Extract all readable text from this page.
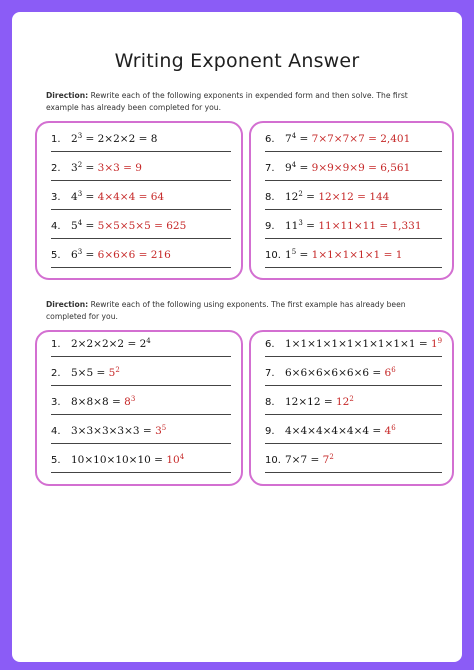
Writing Exponent Answer
Direction: Rewrite each of the following exponents in expended form and then solve. The first example has already been completed for you.
1. $2^3 = 2\times 2\times 2 = 8$
2. $3^2 = 3\times 3 = 9$
3. $4^3 = 4\times 4\times 4 = 64$
4. $5^4 = 5\times 5\times 5\times 5 = 625$
5. $6^3 = 6\times 6\times 6 = 216$
6. $7^4 = 7\times 7\times 7\times 7 = 2,401$
7. $9^4 = 9\times 9\times 9\times 9 = 6,561$
8. $12^2 = 12\times 12 = 144$
9. $11^3 = 11\times 11\times 11 = 1,331$
10. $1^5 = 1\times 1\times 1\times 1\times 1 = 1$
Direction: Rewrite each of the following using exponents. The first example has already been completed for you.
1. $2\times 2\times 2\times 2 = 2^4$
2. $5\times 5 = 5^2$
3. $8\times 8\times 8 = 8^3$
4. $3\times 3\times 3\times 3\times 3 = 3^5$
5. $10\times 10\times 10\times 10 = 10^4$
6. $1\times 1\times 1\times 1\times 1\times 1\times 1\times 1\times 1 = 1^9$
7. $6\times 6\times 6\times 6\times 6\times 6 = 6^6$
8. $12\times 12 = 12^2$
9. $4\times 4\times 4\times 4\times 4\times 4 = 4^6$
10. $7\times 7 = 7^2$
